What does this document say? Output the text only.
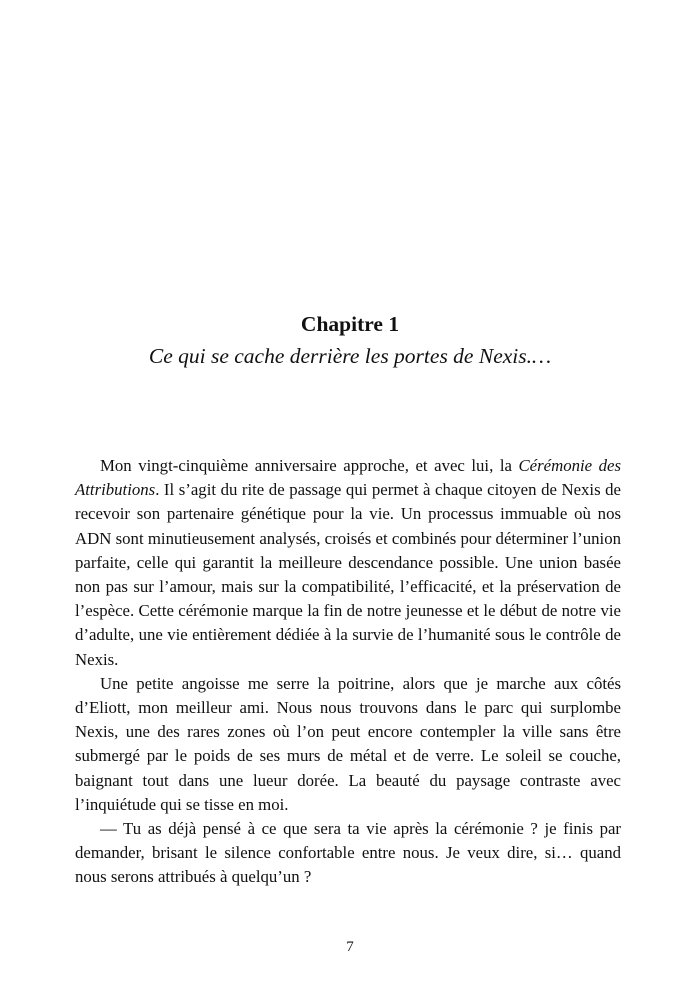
Chapitre 1
Ce qui se cache derrière les portes de Nexis.…

Mon vingt-cinquième anniversaire approche, et avec lui, la Cérémonie des Attributions. Il s’agit du rite de passage qui permet à chaque citoyen de Nexis de recevoir son partenaire génétique pour la vie. Un processus immuable où nos ADN sont minutieusement analysés, croisés et combinés pour déterminer l’union parfaite, celle qui garantit la meilleure descendance possible. Une union basée non pas sur l’amour, mais sur la compatibilité, l’efficacité, et la préservation de l’espèce. Cette cérémonie marque la fin de notre jeunesse et le début de notre vie d’adulte, une vie entièrement dédiée à la survie de l’humanité sous le contrôle de Nexis.

Une petite angoisse me serre la poitrine, alors que je marche aux côtés d’Eliott, mon meilleur ami. Nous nous trouvons dans le parc qui surplombe Nexis, une des rares zones où l’on peut encore contempler la ville sans être submergé par le poids de ses murs de métal et de verre. Le soleil se couche, baignant tout dans une lueur dorée. La beauté du paysage contraste avec l’inquiétude qui se tisse en moi.

— Tu as déjà pensé à ce que sera ta vie après la cérémonie ? je finis par demander, brisant le silence confortable entre nous. Je veux dire, si… quand nous serons attribués à quelqu’un ?

7
